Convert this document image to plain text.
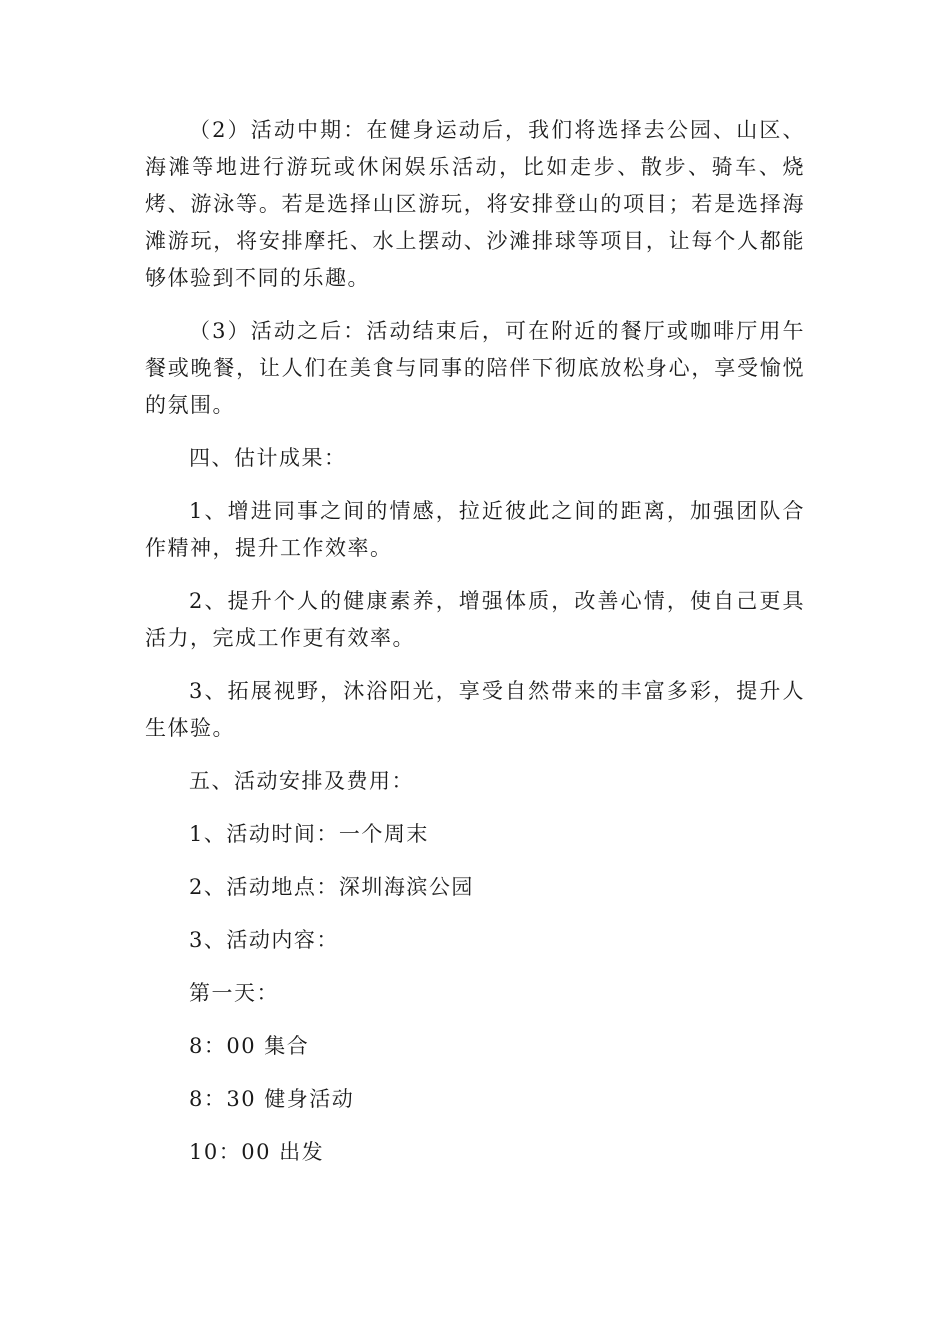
（2）活动中期：在健身运动后，我们将选择去公园、山区、海滩等地进行游玩或休闲娱乐活动，比如走步、散步、骑车、烧烤、游泳等。若是选择山区游玩，将安排登山的项目；若是选择海滩游玩，将安排摩托、水上摆动、沙滩排球等项目，让每个人都能够体验到不同的乐趣。

（3）活动之后：活动结束后，可在附近的餐厅或咖啡厅用午餐或晚餐，让人们在美食与同事的陪伴下彻底放松身心，享受愉悦的氛围。

四、估计成果：

1、增进同事之间的情感，拉近彼此之间的距离，加强团队合作精神，提升工作效率。

2、提升个人的健康素养，增强体质，改善心情，使自己更具活力，完成工作更有效率。

3、拓展视野，沐浴阳光，享受自然带来的丰富多彩，提升人生体验。

五、活动安排及费用：

1、活动时间：一个周末

2、活动地点：深圳海滨公园

3、活动内容：

第一天：

8：00 集合

8：30 健身活动

10：00 出发
